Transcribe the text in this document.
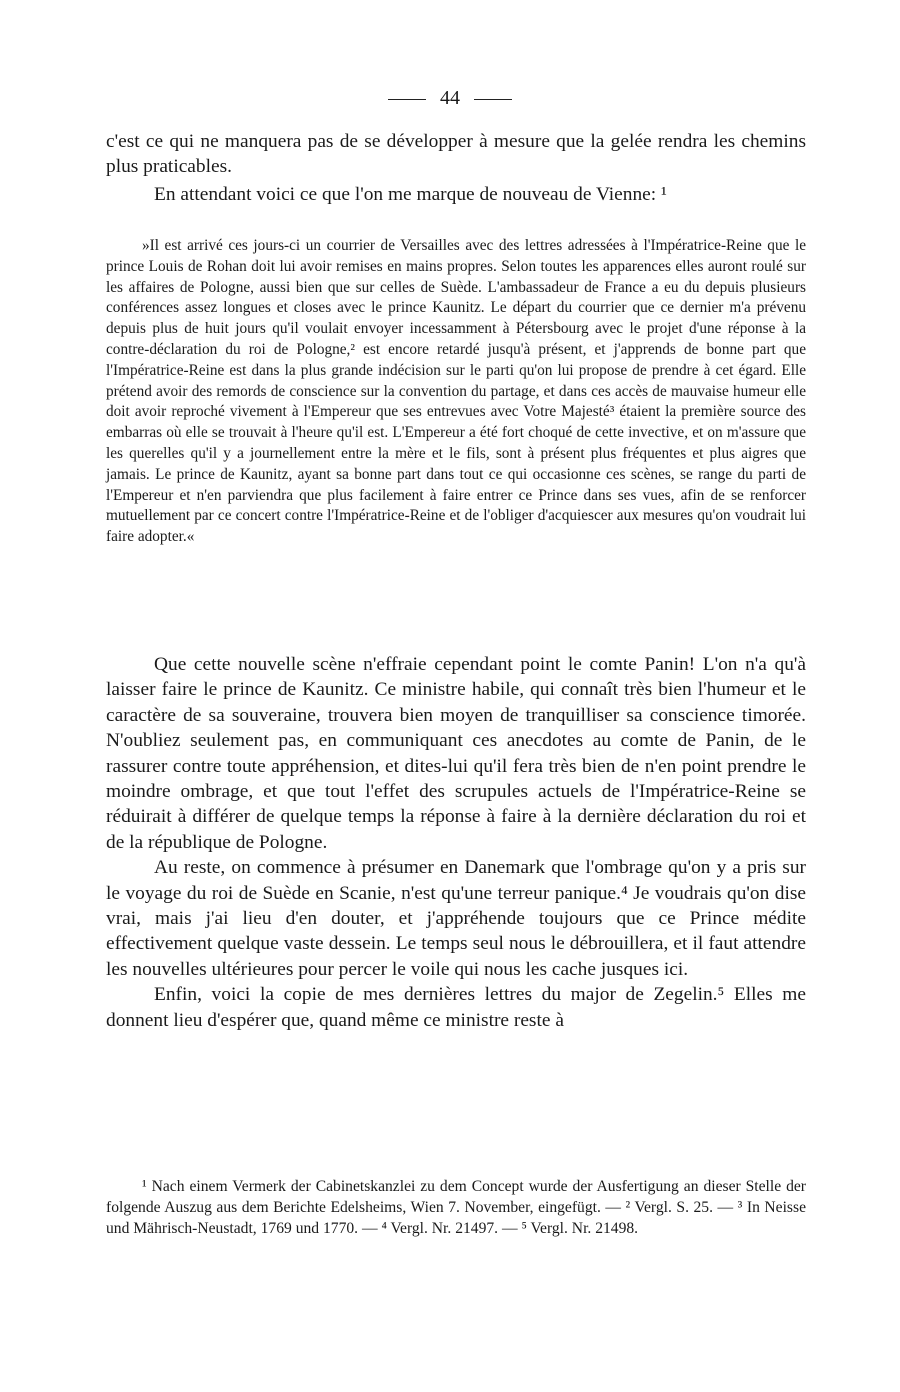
44

c'est ce qui ne manquera pas de se développer à mesure que la gelée rendra les chemins plus praticables.

En attendant voici ce que l'on me marque de nouveau de Vienne: ¹

»Il est arrivé ces jours-ci un courrier de Versailles avec des lettres adressées à l'Impératrice-Reine que le prince Louis de Rohan doit lui avoir remises en mains propres. Selon toutes les apparences elles auront roulé sur les affaires de Pologne, aussi bien que sur celles de Suède. L'ambassadeur de France a eu du depuis plusieurs conférences assez longues et closes avec le prince Kaunitz. Le départ du courrier que ce dernier m'a prévenu depuis plus de huit jours qu'il voulait envoyer incessamment à Pétersbourg avec le projet d'une réponse à la contre-déclaration du roi de Pologne,² est encore retardé jusqu'à présent, et j'apprends de bonne part que l'Impératrice-Reine est dans la plus grande indécision sur le parti qu'on lui propose de prendre à cet égard. Elle prétend avoir des remords de conscience sur la convention du partage, et dans ces accès de mauvaise humeur elle doit avoir reproché vivement à l'Empereur que ses entrevues avec Votre Majesté³ étaient la première source des embarras où elle se trouvait à l'heure qu'il est. L'Empereur a été fort choqué de cette invective, et on m'assure que les querelles qu'il y a journellement entre la mère et le fils, sont à présent plus fréquentes et plus aigres que jamais. Le prince de Kaunitz, ayant sa bonne part dans tout ce qui occasionne ces scènes, se range du parti de l'Empereur et n'en parviendra que plus facilement à faire entrer ce Prince dans ses vues, afin de se renforcer mutuellement par ce concert contre l'Impératrice-Reine et de l'obliger d'acquiescer aux mesures qu'on voudrait lui faire adopter.«

Que cette nouvelle scène n'effraie cependant point le comte Panin! L'on n'a qu'à laisser faire le prince de Kaunitz. Ce ministre habile, qui connaît très bien l'humeur et le caractère de sa souveraine, trouvera bien moyen de tranquilliser sa conscience timorée. N'oubliez seulement pas, en communiquant ces anecdotes au comte de Panin, de le rassurer contre toute appréhension, et dites-lui qu'il fera très bien de n'en point prendre le moindre ombrage, et que tout l'effet des scrupules actuels de l'Impératrice-Reine se réduirait à différer de quelque temps la réponse à faire à la dernière déclaration du roi et de la république de Pologne.

Au reste, on commence à présumer en Danemark que l'ombrage qu'on y a pris sur le voyage du roi de Suède en Scanie, n'est qu'une terreur panique.⁴ Je voudrais qu'on dise vrai, mais j'ai lieu d'en douter, et j'appréhende toujours que ce Prince médite effectivement quelque vaste dessein. Le temps seul nous le débrouillera, et il faut attendre les nouvelles ultérieures pour percer le voile qui nous les cache jusques ici.

Enfin, voici la copie de mes dernières lettres du major de Zegelin.⁵ Elles me donnent lieu d'espérer que, quand même ce ministre reste à

¹ Nach einem Vermerk der Cabinetskanzlei zu dem Concept wurde der Ausfertigung an dieser Stelle der folgende Auszug aus dem Berichte Edelsheims, Wien 7. November, eingefügt. — ² Vergl. S. 25. — ³ In Neisse und Mährisch-Neustadt, 1769 und 1770. — ⁴ Vergl. Nr. 21497. — ⁵ Vergl. Nr. 21498.
